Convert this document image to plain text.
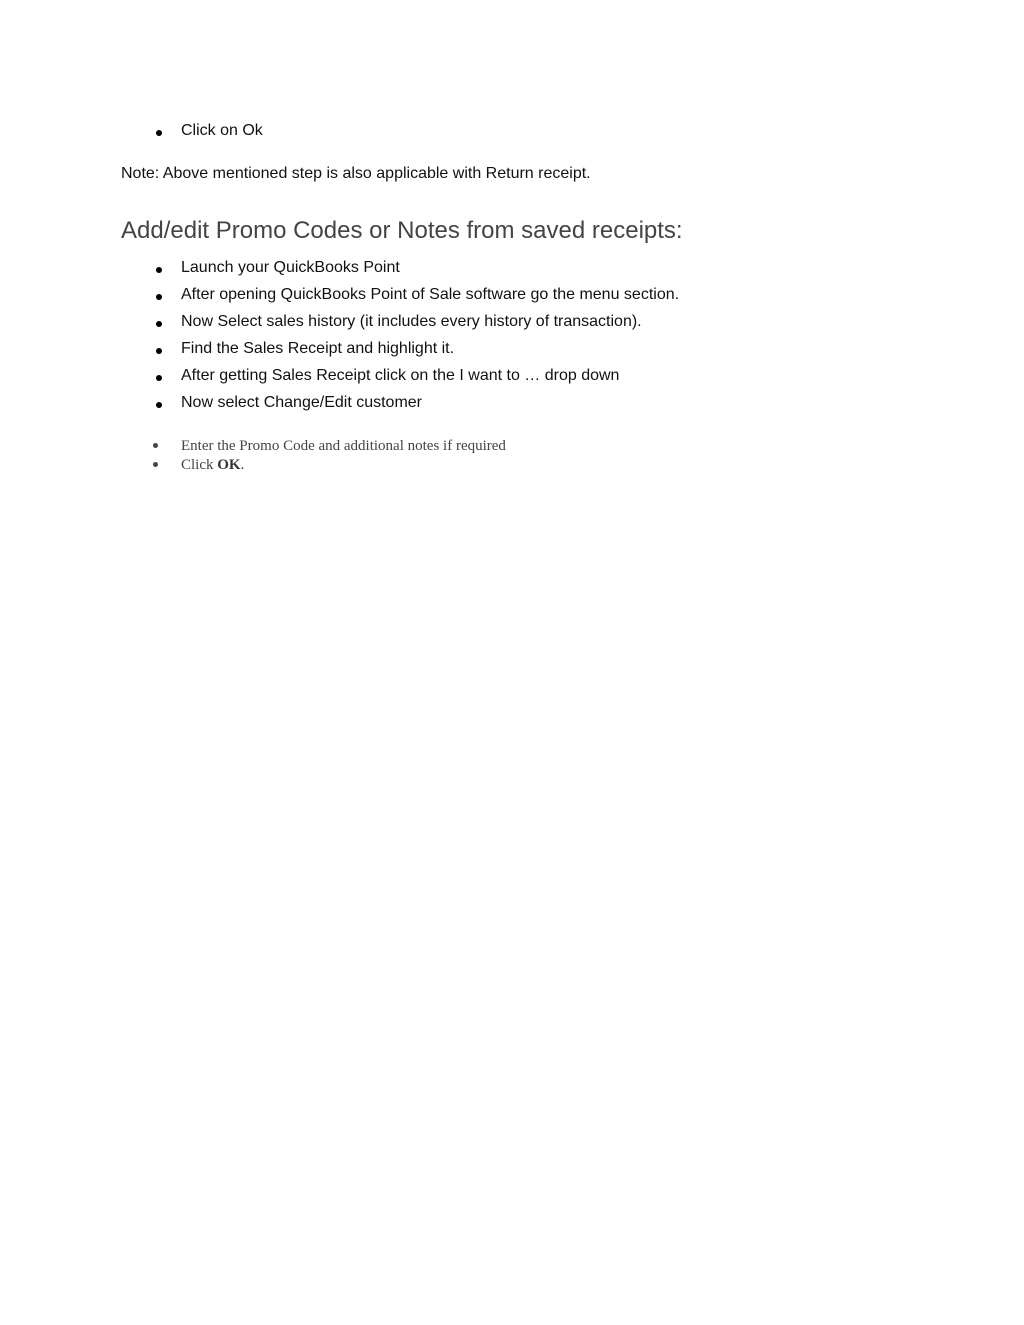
Click on Ok

Note: Above mentioned step is also applicable with Return receipt.

Add/edit Promo Codes or Notes from saved receipts:
Launch your QuickBooks Point
After opening QuickBooks Point of Sale software go the menu section.
Now Select sales history (it includes every history of transaction).
Find the Sales Receipt and highlight it.
After getting Sales Receipt click on the I want to … drop down
Now select Change/Edit customer
Enter the Promo Code and additional notes if required
Click OK.
